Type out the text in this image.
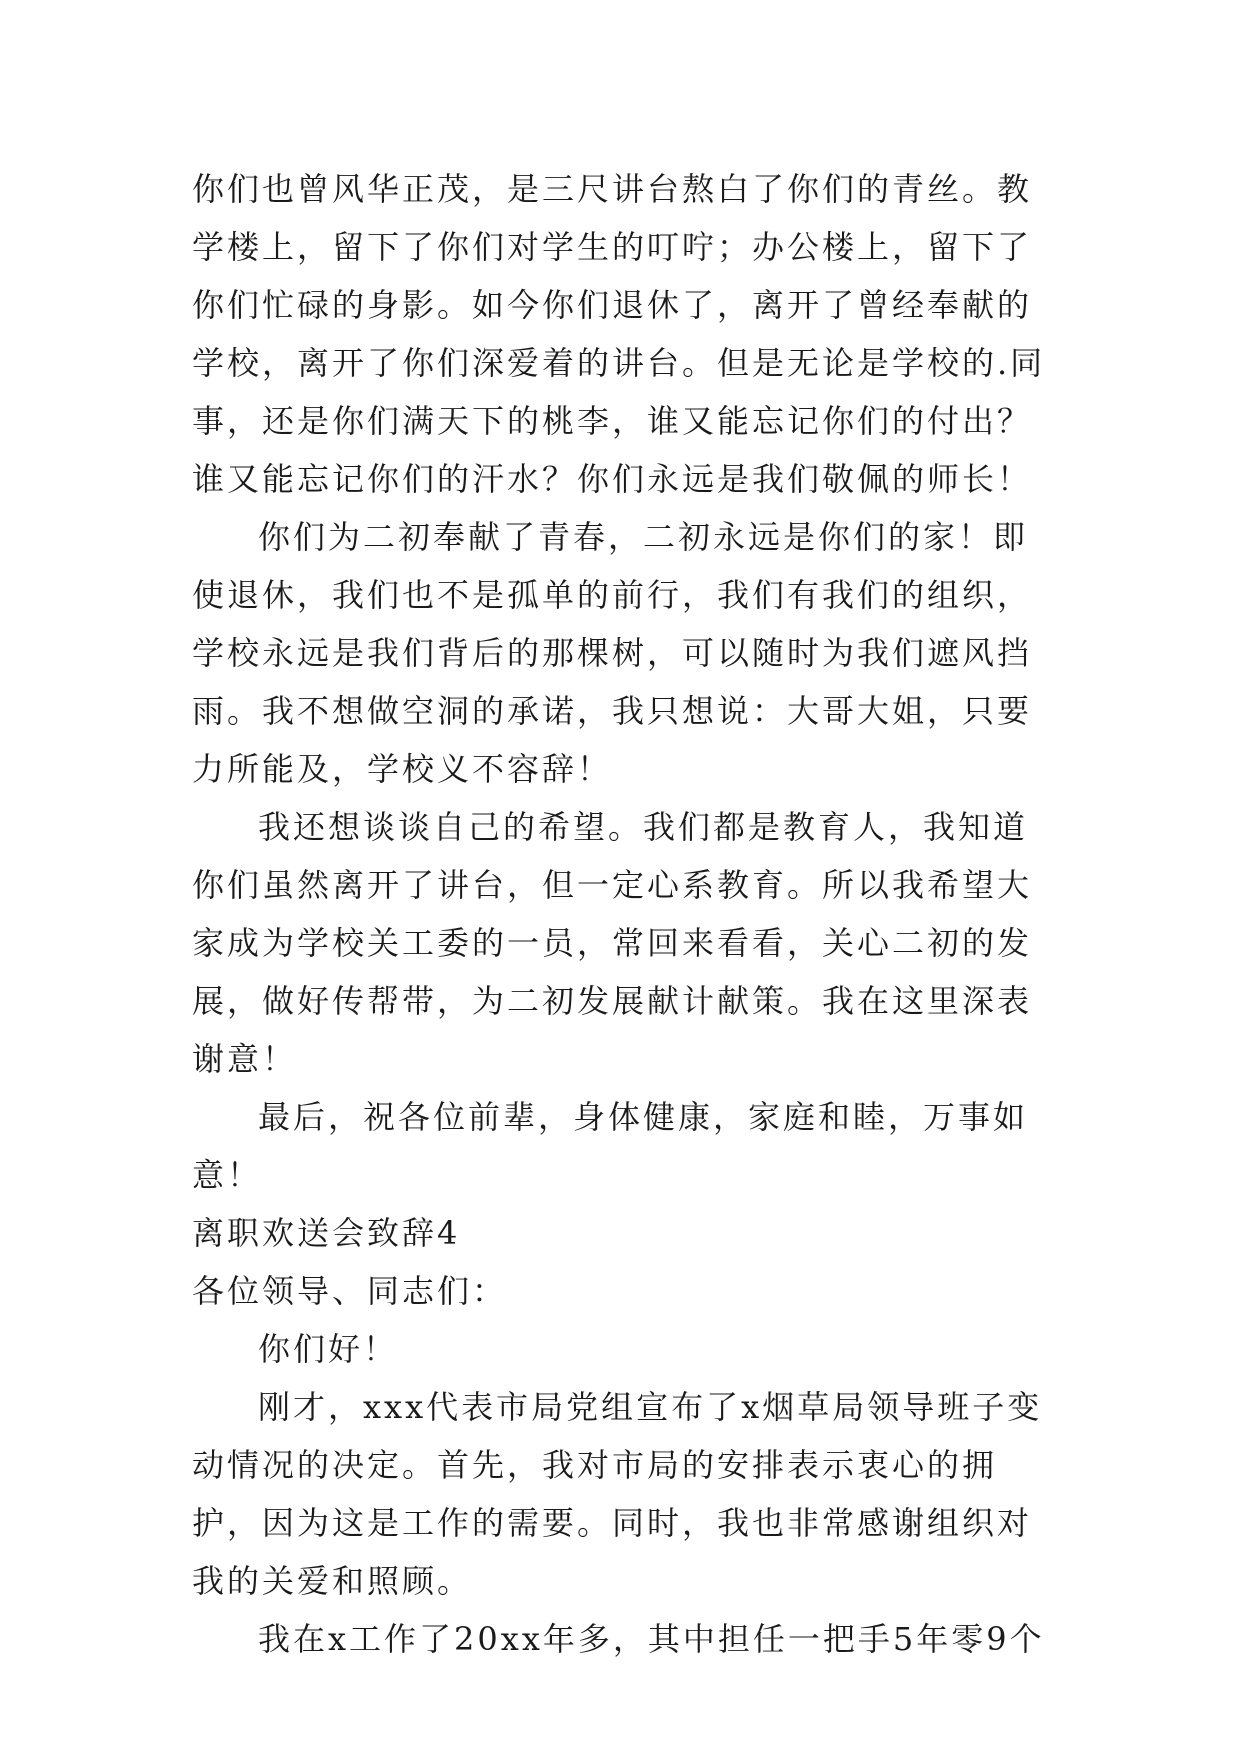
你们也曾风华正茂，是三尺讲台熬白了你们的青丝。教学楼上，留下了你们对学生的叮咛；办公楼上，留下了你们忙碌的身影。如今你们退休了，离开了曾经奉献的学校，离开了你们深爱着的讲台。但是无论是学校的.同事，还是你们满天下的桃李，谁又能忘记你们的付出？谁又能忘记你们的汗水？你们永远是我们敬佩的师长！

你们为二初奉献了青春，二初永远是你们的家！即使退休，我们也不是孤单的前行，我们有我们的组织，学校永远是我们背后的那棵树，可以随时为我们遮风挡雨。我不想做空洞的承诺，我只想说：大哥大姐，只要力所能及，学校义不容辞！

我还想谈谈自己的希望。我们都是教育人，我知道你们虽然离开了讲台，但一定心系教育。所以我希望大家成为学校关工委的一员，常回来看看，关心二初的发展，做好传帮带，为二初发展献计献策。我在这里深表谢意！

最后，祝各位前辈，身体健康，家庭和睦，万事如意！

离职欢送会致辞4

各位领导、同志们：

你们好！

刚才，xxx代表市局党组宣布了x烟草局领导班子变动情况的决定。首先，我对市局的安排表示衷心的拥护，因为这是工作的需要。同时，我也非常感谢组织对我的关爱和照顾。

我在x工作了20xx年多，其中担任一把手5年零9个
